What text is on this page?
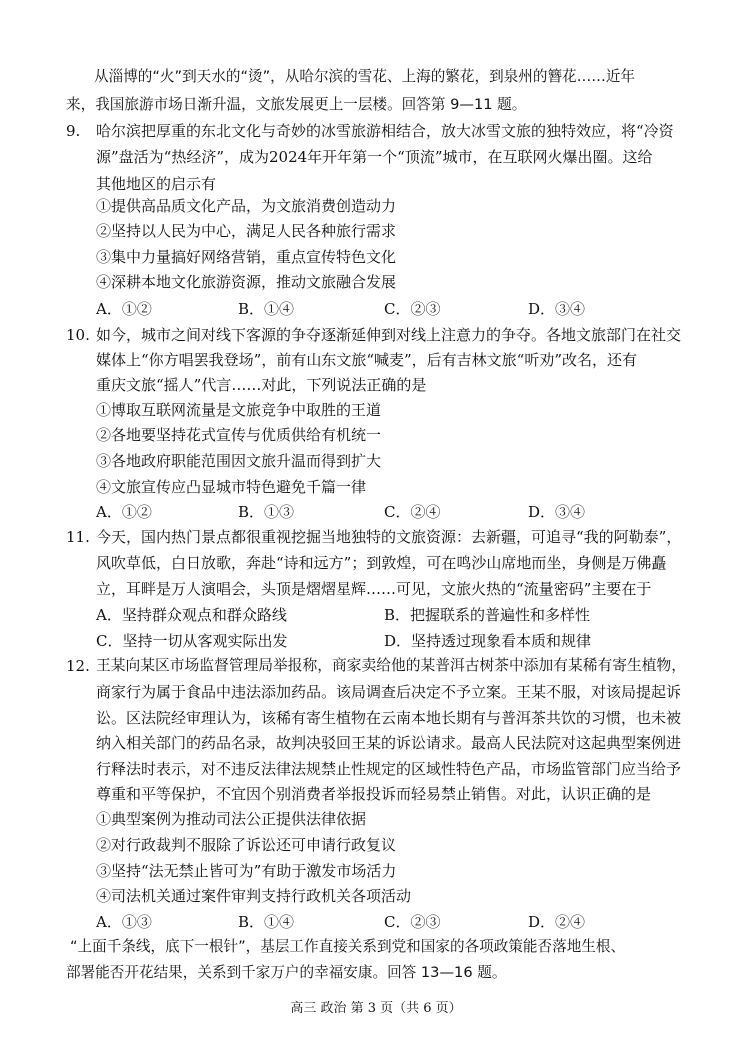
从淄博的“火”到天水的“烫”，从哈尔滨的雪花、上海的繁花，到泉州的簪花……近年
来，我国旅游市场日渐升温，文旅发展更上一层楼。回答第 9—11 题。
9. 哈尔滨把厚重的东北文化与奇妙的冰雪旅游相结合，放大冰雪文旅的独特效应，将“冷资
源”盘活为“热经济”，成为2024年开年第一个“顶流”城市，在互联网火爆出圈。这给
其他地区的启示有
①提供高品质文化产品，为文旅消费创造动力
②坚持以人民为中心，满足人民各种旅行需求
③集中力量搞好网络营销，重点宣传特色文化
④深耕本地文化旅游资源，推动文旅融合发展
A．①②	B．①④	C．②③	D．③④
10. 如今，城市之间对线下客源的争夺逐渐延伸到对线上注意力的争夺。各地文旅部门在社交
媒体上“你方唱罢我登场”，前有山东文旅“喊麦”，后有吉林文旅“听劝”改名，还有
重庆文旅“摇人”代言……对此，下列说法正确的是
①博取互联网流量是文旅竞争中取胜的王道
②各地要坚持花式宣传与优质供给有机统一
③各地政府职能范围因文旅升温而得到扩大
④文旅宣传应凸显城市特色避免千篇一律
A．①②	B．①③	C．②④	D．③④
11. 今天，国内热门景点都很重视挖掘当地独特的文旅资源：去新疆，可追寻“我的阿勒泰”，
风吹草低，白日放歌，奔赴“诗和远方”；到敦煌，可在鸣沙山席地而坐，身侧是万佛矗
立，耳畔是万人演唱会，头顶是熠熠星辉……可见，文旅火热的“流量密码”主要在于
A．坚持群众观点和群众路线	B．把握联系的普遍性和多样性
C．坚持一切从客观实际出发	D．坚持透过现象看本质和规律
12. 王某向某区市场监督管理局举报称，商家卖给他的某普洱古树茶中添加有某稀有寄生植物，
商家行为属于食品中违法添加药品。该局调查后决定不予立案。王某不服，对该局提起诉
讼。区法院经审理认为，该稀有寄生植物在云南本地长期有与普洱茶共饮的习惯，也未被
纳入相关部门的药品名录，故判决驳回王某的诉讼请求。最高人民法院对这起典型案例进
行释法时表示，对不违反法律法规禁止性规定的区域性特色产品，市场监管部门应当给予
尊重和平等保护，不宜因个别消费者举报投诉而轻易禁止销售。对此，认识正确的是
①典型案例为推动司法公正提供法律依据
②对行政裁判不服除了诉讼还可申请行政复议
③坚持“法无禁止皆可为”有助于激发市场活力
④司法机关通过案件审判支持行政机关各项活动
A．①③	B．①④	C．②③	D．②④
“上面千条线，底下一根针”，基层工作直接关系到党和国家的各项政策能否落地生根、
部署能否开花结果，关系到千家万户的幸福安康。回答 13—16 题。
高三 政治 第 3 页（共 6 页）
